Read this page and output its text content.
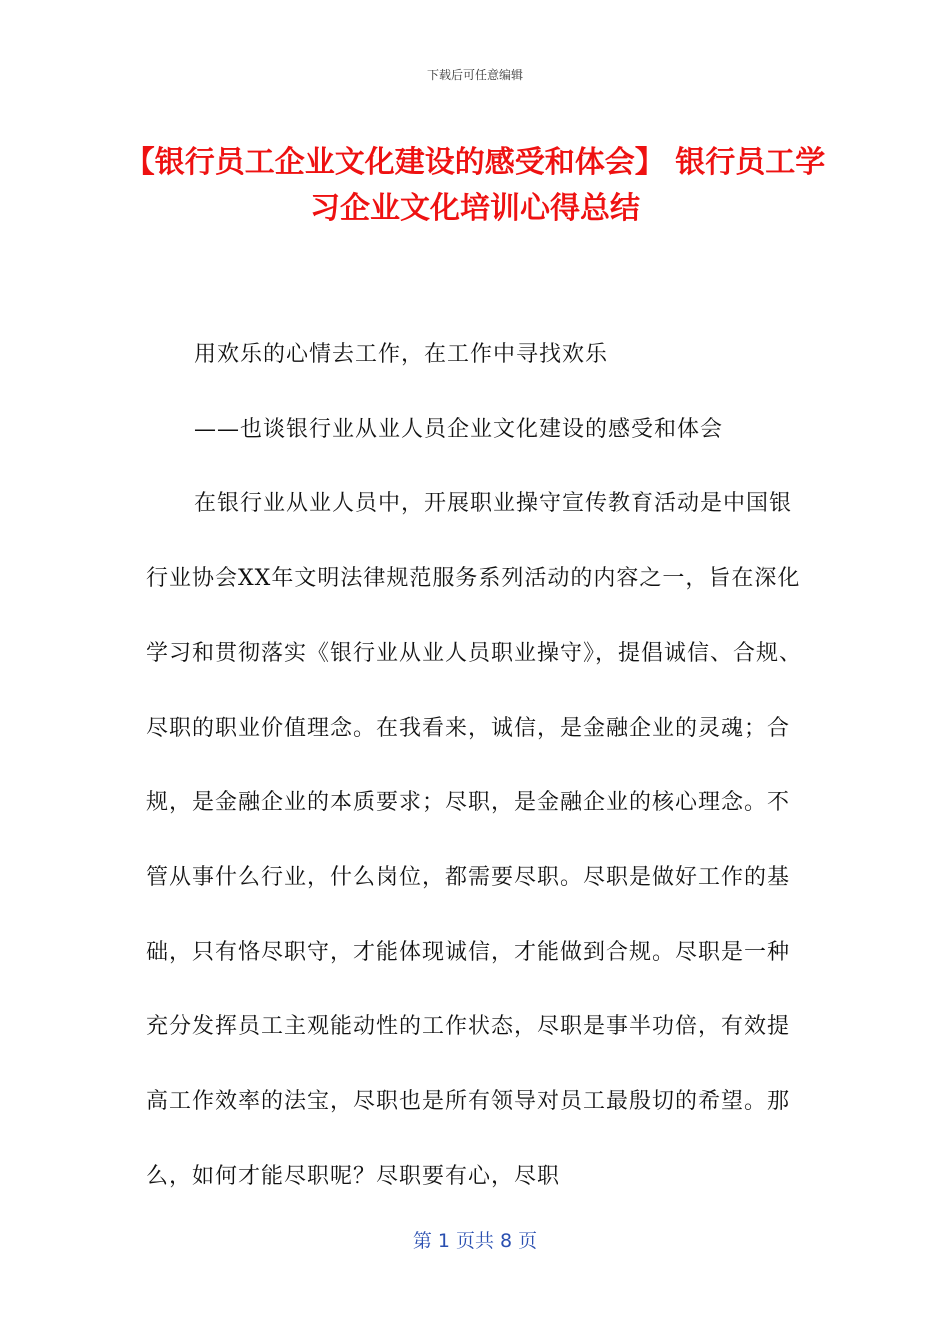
下载后可任意编辑
【银行员工企业文化建设的感受和体会】 银行员工学习企业文化培训心得总结

用欢乐的心情去工作，在工作中寻找欢乐

——也谈银行业从业人员企业文化建设的感受和体会

在银行业从业人员中，开展职业操守宣传教育活动是中国银行业协会XX年文明法律规范服务系列活动的内容之一，旨在深化学习和贯彻落实《银行业从业人员职业操守》，提倡诚信、合规、尽职的职业价值理念。在我看来，诚信，是金融企业的灵魂；合规，是金融企业的本质要求；尽职，是金融企业的核心理念。不管从事什么行业，什么岗位，都需要尽职。尽职是做好工作的基础，只有恪尽职守，才能体现诚信，才能做到合规。尽职是一种充分发挥员工主观能动性的工作状态，尽职是事半功倍，有效提高工作效率的法宝，尽职也是所有领导对员工最殷切的希望。那么，如何才能尽职呢？尽职要有心，尽职

第 1 页共 8 页
